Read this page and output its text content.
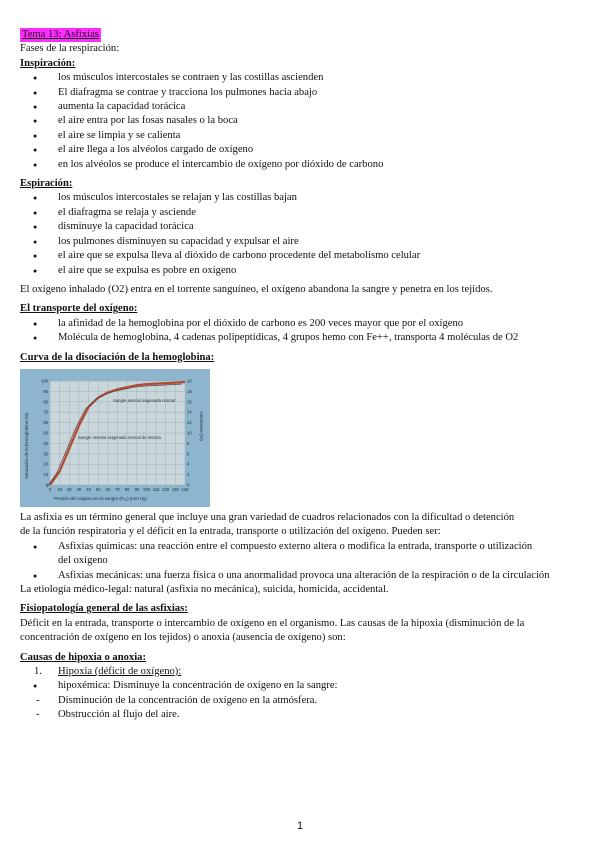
Tema 13: Asfixias
Fases de la respiración:
Inspiración:
● los músculos intercostales se contraen y las costillas ascienden
● El diafragma se contrae y tracciona los pulmones hacia abajo
● aumenta la capacidad torácica
● el aire entra por las fosas nasales o la boca
● el aire se limpia y se calienta
● el aire llega a los alvéolos cargado de oxígeno
● en los alvéolos se produce el intercambio de oxígeno por dióxido de carbono
Espiración:
● los músculos intercostales se relajan y las costillas bajan
● el diafragma se relaja y asciende
● disminuye la capacidad torácica
● los pulmones disminuyen su capacidad y expulsar el aire
● el aire que se expulsa lleva al dióxido de carbono procedente del metabolismo celular
● el aire que se expulsa es pobre en oxígeno
El oxígeno inhalado (O2) entra en el torrente sanguíneo, el oxígeno abandona la sangre y penetra en los tejidos.
El transporte del oxígeno:
● la afinidad de la hemoglobina por el dióxido de carbono es 200 veces mayor que por el oxígeno
● Molécula de hemoglobina, 4 cadenas polipeptídicas, 4 grupos hemo con Fe++, transporta 4 moléculas de O2
Curva de la disociación de la hemoglobina:
100
90
80
70
60
50
40
30
20
10
0
20
18
16
14
12
10
8
6
4
2
0
0 10 20 30 40 50 60 70 80 90 100 110 120 130 140
Sangre arterial oxigenada normal
Sangre venosa oxigenada normal de retorno
Saturación de la hemoglobina (%)	Volumenes (%)
Presión del oxígeno en la sangre (Pₒ₂) (mm Hg)
La asfixia es un término general que incluye una gran variedad de cuadros relacionados con la dificultad o detención de la función respiratoria y el déficit en la entrada, transporte o utilización del oxígeno. Pueden ser:
● Asfixias químicas: una reacción entre el compuesto externo altera o modifica la entrada, transporte o utilización del oxígeno
● Asfixias mecánicas: una fuerza física o una anormalidad provoca una alteración de la respiración o de la circulación
La etiología médico-legal: natural (asfixia no mecánica), suicida, homicida, accidental.
Fisiopatología general de las asfixias:
Déficit en la entrada, transporte o intercambio de oxígeno en el organismo. Las causas de la hipoxia (disminución de la concentración de oxígeno en los tejidos) o anoxia (ausencia de oxígeno) son:
Causas de hipoxia o anoxia:
1. Hipoxia (déficit de oxígeno):
● hipoxémica: Disminuye la concentración de oxígeno en la sangre:
- Disminución de la concentración de oxígeno en la atmósfera.
- Obstrucción al flujo del aire.
1
